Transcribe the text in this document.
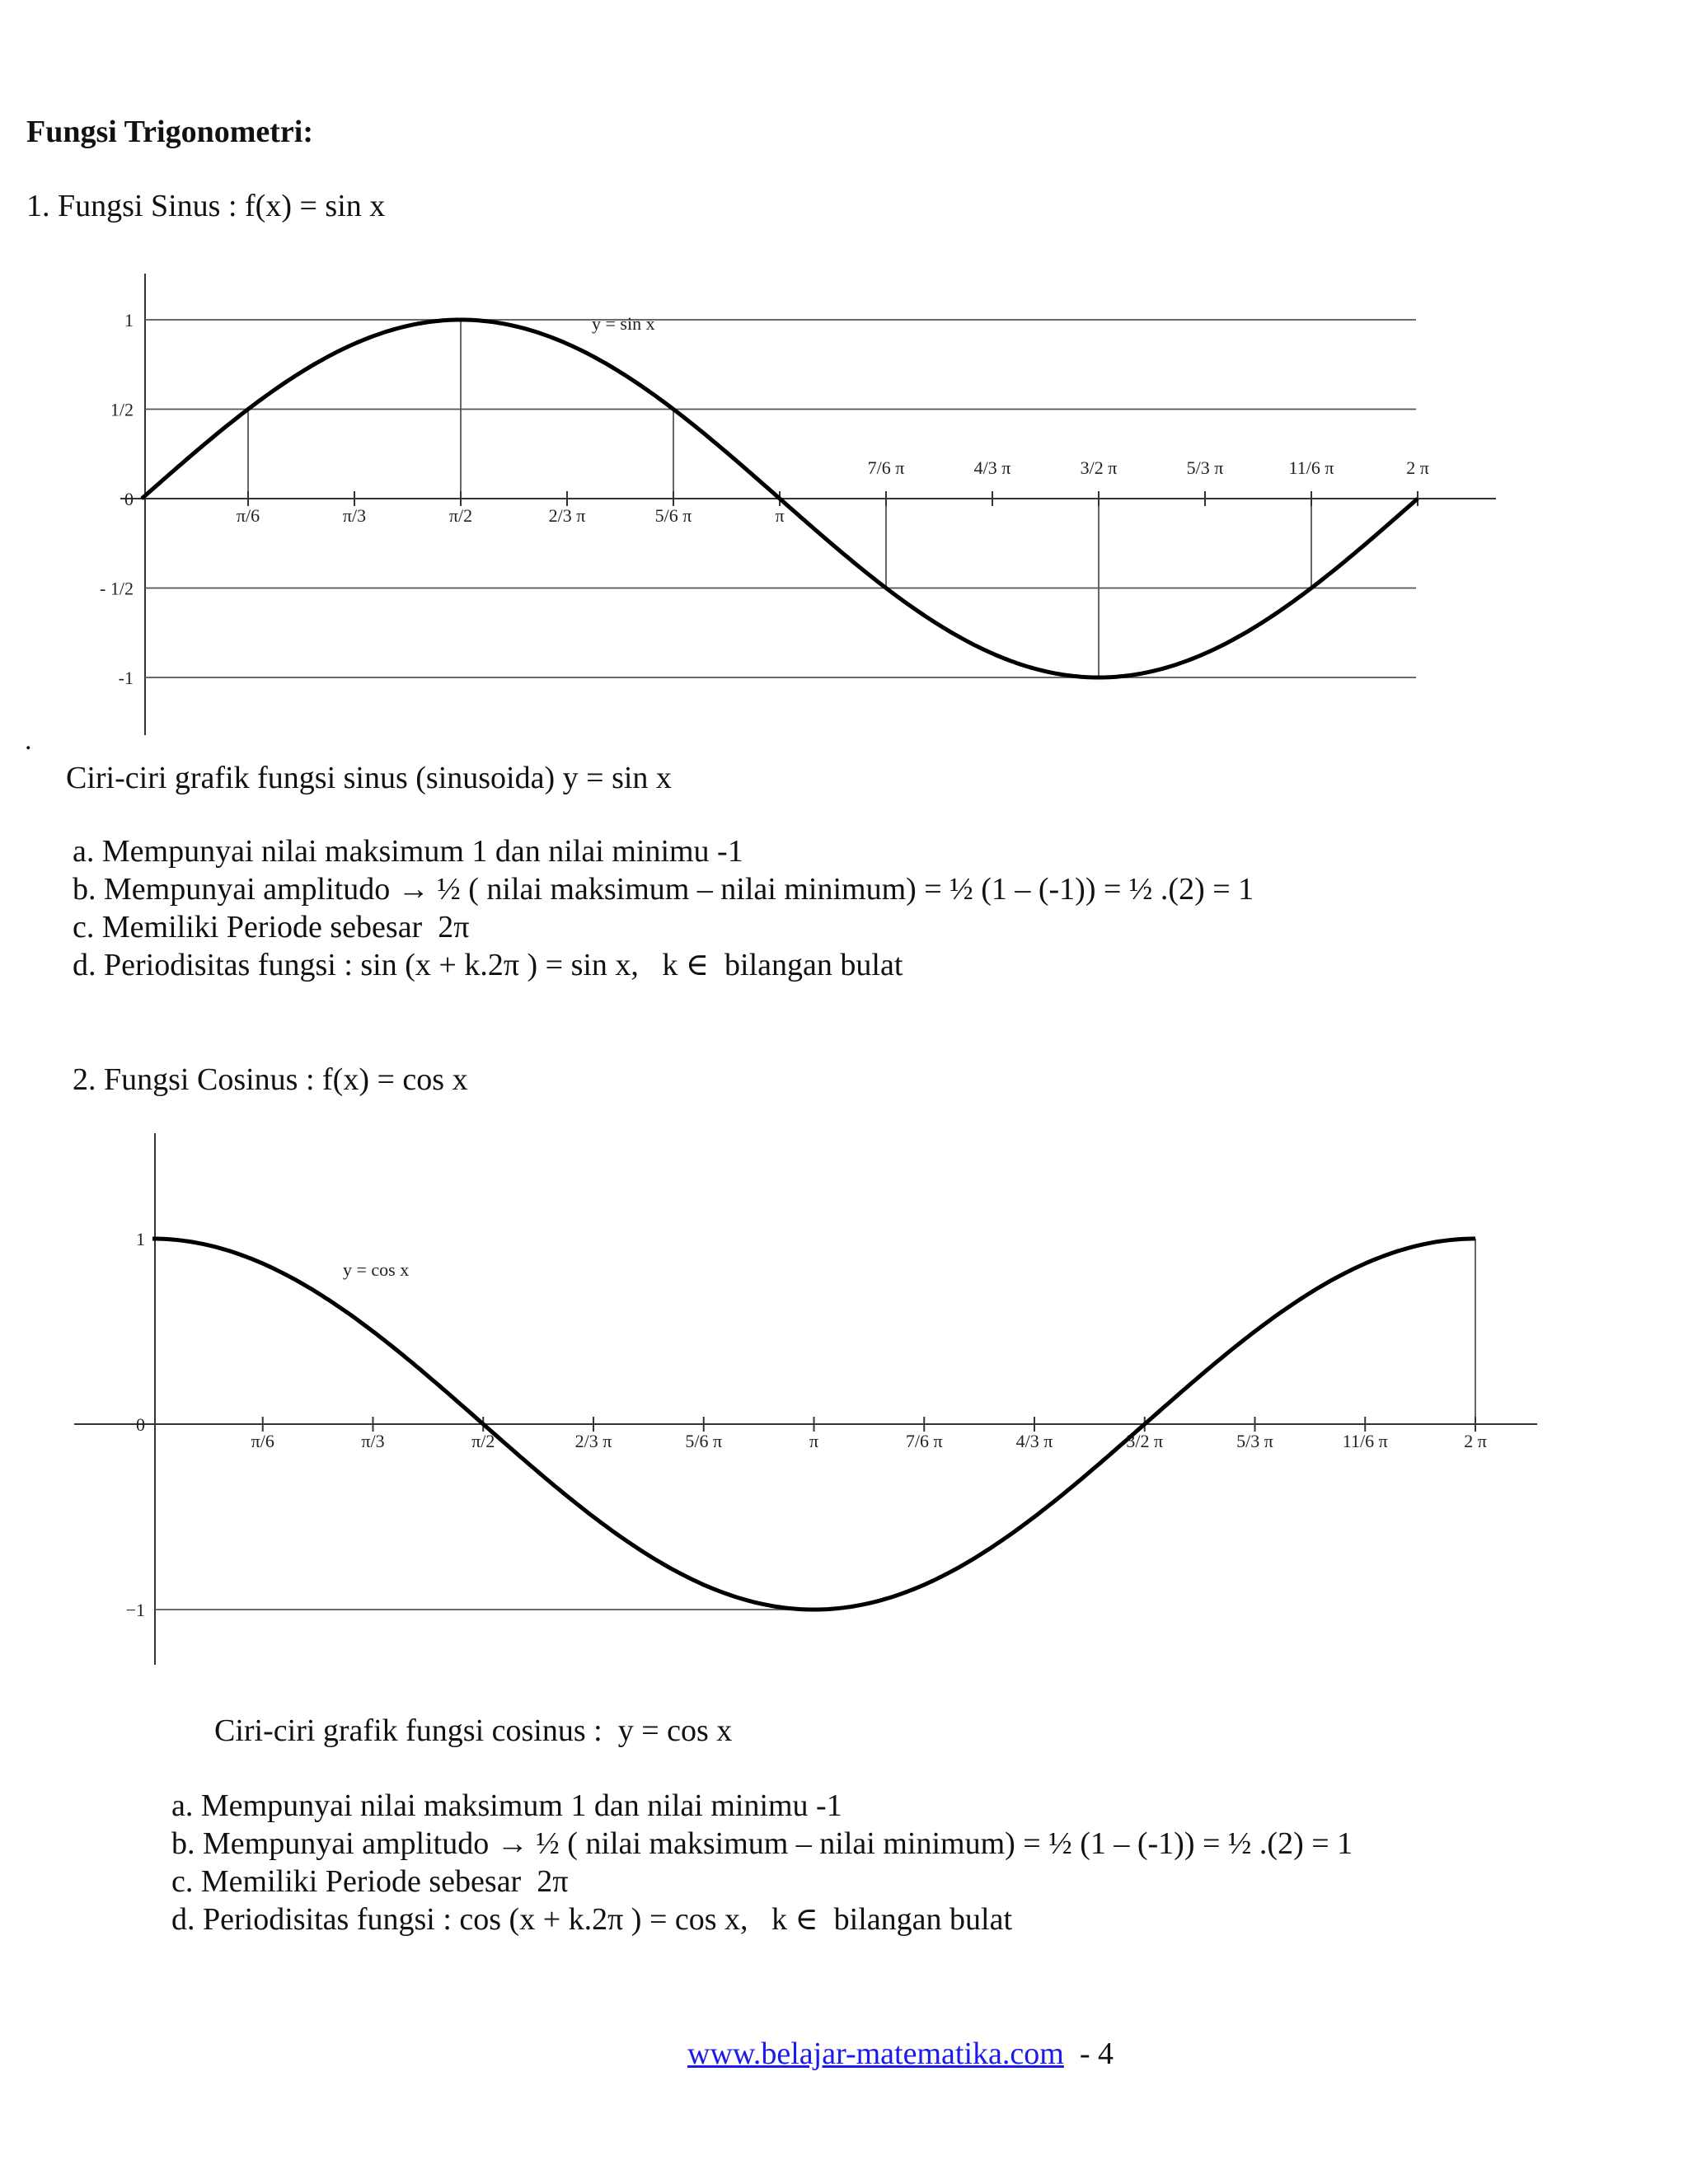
Fungsi Trigonometri:
1. Fungsi Sinus : f(x) = sin x
π/6	π/3	π/2	2/3 π	5/6 π	π
7/6 π	4/3 π	3/2 π	5/3 π	11/6 π	2 π
1
1/2
0
- 1/2
-1
y = sin x
.
Ciri-ciri grafik fungsi sinus (sinusoida) y = sin x
a. Mempunyai nilai maksimum 1 dan nilai minimu -1
b. Mempunyai amplitudo → ½ ( nilai maksimum – nilai minimum) = ½ (1 – (-1)) = ½ .(2) = 1
c. Memiliki Periode sebesar  2π
d. Periodisitas fungsi : sin (x + k.2π ) = sin x,   k ∈  bilangan bulat
2. Fungsi Cosinus : f(x) = cos x
π/6	π/3	π/2	2/3 π	5/6 π	π	7/6 π	4/3 π	3/2 π	5/3 π	11/6 π	2 π
1
0
−1
y = cos x
Ciri-ciri grafik fungsi cosinus :  y = cos x
a. Mempunyai nilai maksimum 1 dan nilai minimu -1
b. Mempunyai amplitudo → ½ ( nilai maksimum – nilai minimum) = ½ (1 – (-1)) = ½ .(2) = 1
c. Memiliki Periode sebesar  2π
d. Periodisitas fungsi : cos (x + k.2π ) = cos x,   k ∈  bilangan bulat
www.belajar-matematika.com  - 4
